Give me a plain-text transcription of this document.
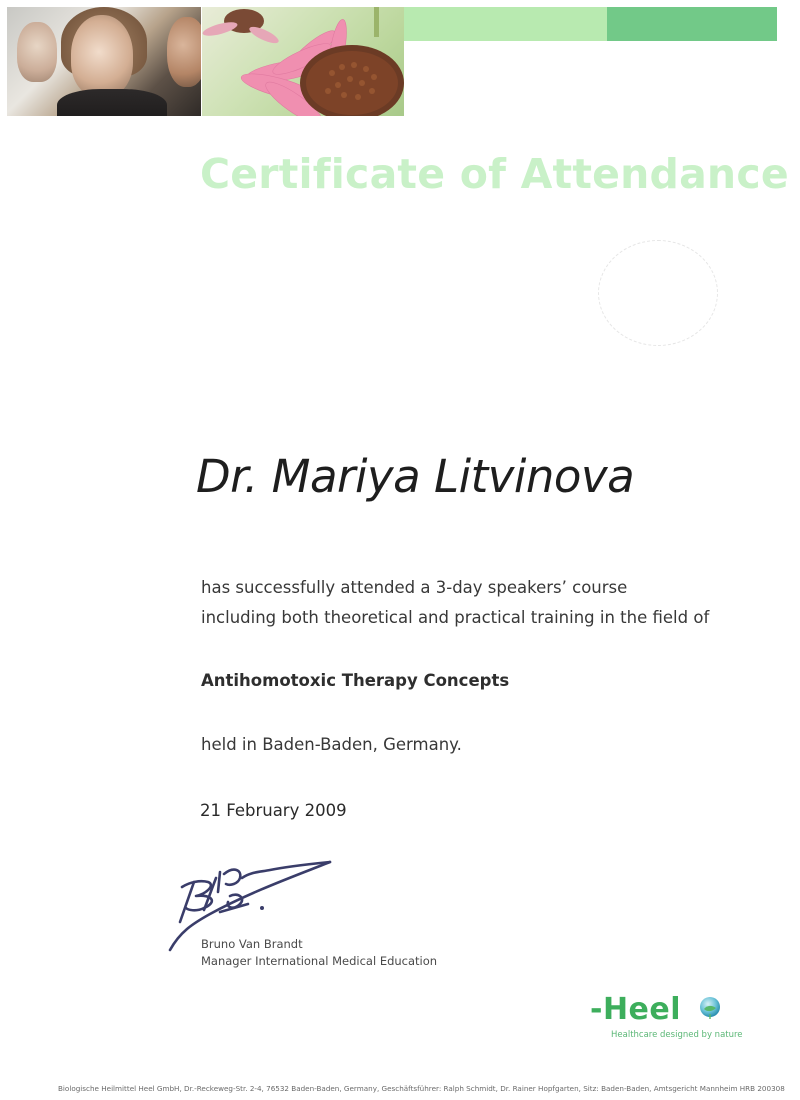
Certificate of Attendance
Dr. Mariya Litvinova
has successfully attended a 3-day speakers’ course
including both theoretical and practical training in the field of
Antihomotoxic Therapy Concepts
held in Baden-Baden, Germany.
21 February 2009
Bruno Van Brandt
Manager International Medical Education
-Heel
Healthcare designed by nature
Biologische Heilmittel Heel GmbH, Dr.-Reckeweg-Str. 2-4, 76532 Baden-Baden, Germany, Geschäftsführer: Ralph Schmidt, Dr. Rainer Hopfgarten, Sitz: Baden-Baden, Amtsgericht Mannheim HRB 200308
